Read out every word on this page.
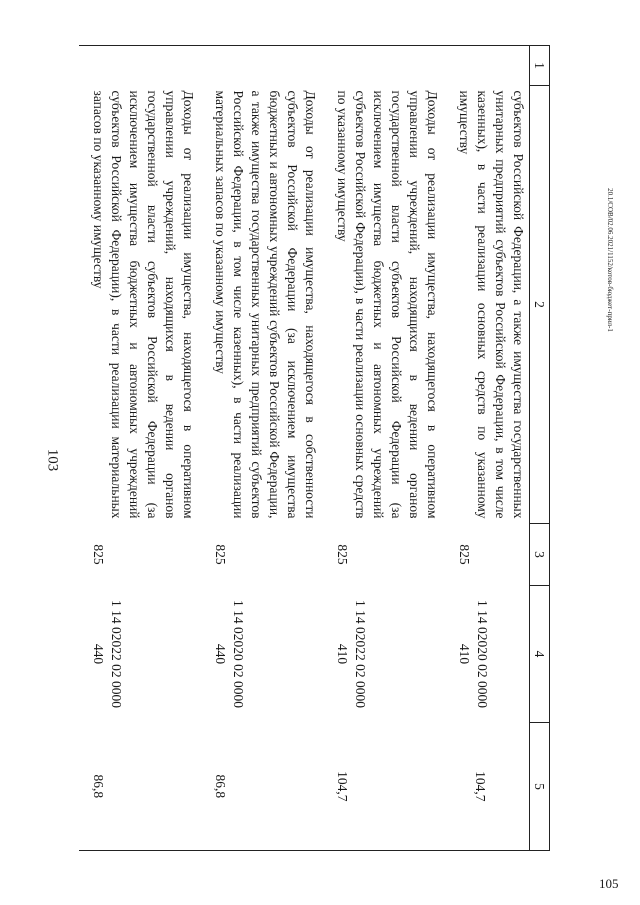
103
20.1/COB/02.06.2021/1152/котов-бюджет-прил-1
105
1	2	3	4	5
	субъектов Российской Федерации, а также имущества государственных унитарных предприятий субъектов Российской Федерации, в том числе казенных), в части реализации основных средств по указанному имуществу	825	1 14 02020 02 0000 410	104,7
	Доходы от реализации имущества, находящегося в оперативном управлении учреждений, находящихся в ведении органов государственной власти субъектов Российской Федерации (за исключением имущества бюджетных и автономных учреждений субъектов Российской Федерации), в части реализации основных средств по указанному имуществу	825	1 14 02022 02 0000 410	104,7
	Доходы от реализации имущества, находящегося в собственности субъектов Российской Федерации (за исключением имущества бюджетных и автономных учреждений субъектов Российской Федерации, а также имущества государственных унитарных предприятий субъектов Российской Федерации, в том числе казенных), в части реализации материальных запасов по указанному имуществу	825	1 14 02020 02 0000 440	86,8
	Доходы от реализации имущества, находящегося в оперативном управлении учреждений, находящихся в ведении органов государственной власти субъектов Российской Федерации (за исключением имущества бюджетных и автономных учреждений субъектов Российской Федерации), в части реализации материальных запасов по указанному имуществу	825	1 14 02022 02 0000 440	86,8
